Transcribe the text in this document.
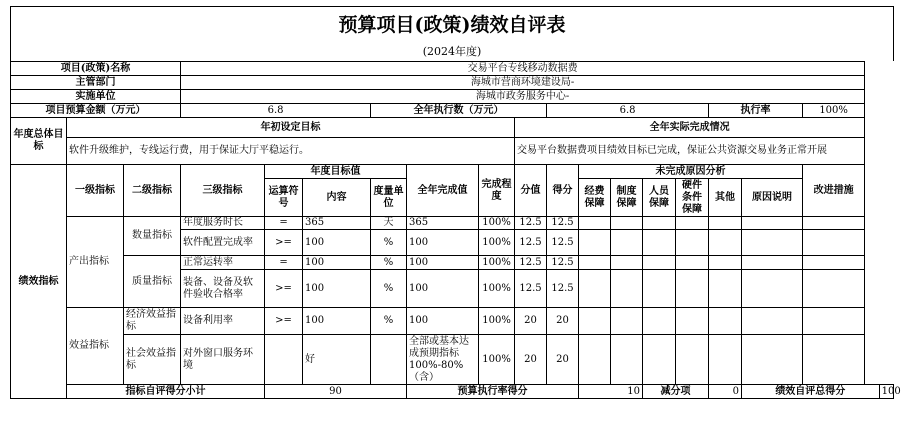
预算项目(政策)绩效自评表
(2024年度)
项目(政策)名称			交易平台专线移动数据费															
主管部门			海城市营商环境建设局-															
实施单位			海城市政务服务中心-															
项目预算金额（万元）			6.8			全年执行数（万元）				6.8					执行率		100%	
年度总体目标	年初设定目标								全年实际完成情况									
	软件升级维护，专线运行费，用于保证大厅平稳运行。								交易平台数据费项目绩效目标已完成，保证公共资源交易业务正常开展									
绩效指标	一级指标	二级指标	三级指标	年度目标值			全年完成值	完成程度	分值	得分	未完成原因分析						改进措施	
				运算符号	内容	度量单位					经费保障	制度保障	人员保障	硬件条件保障	其他	原因说明		
	产出指标	数量指标	年度服务时长	=	365	天	365	100%	12.5	12.5								
			软件配置完成率	>=	100	%	100	100%	12.5	12.5								
		质量指标	正常运转率	=	100	%	100	100%	12.5	12.5								
			装备、设备及软件验收合格率	>=	100	%	100	100%	12.5	12.5								
	效益指标	经济效益指标	设备利用率	>=	100	%	100	100%	20	20								
		社会效益指标	对外窗口服务环境		好		全部或基本达成预期指标100%-80%（含）	100%	20	20								
	指标自评得分小计			90			预算执行率得分				10		减分项		0	绩效自评总得分		100
